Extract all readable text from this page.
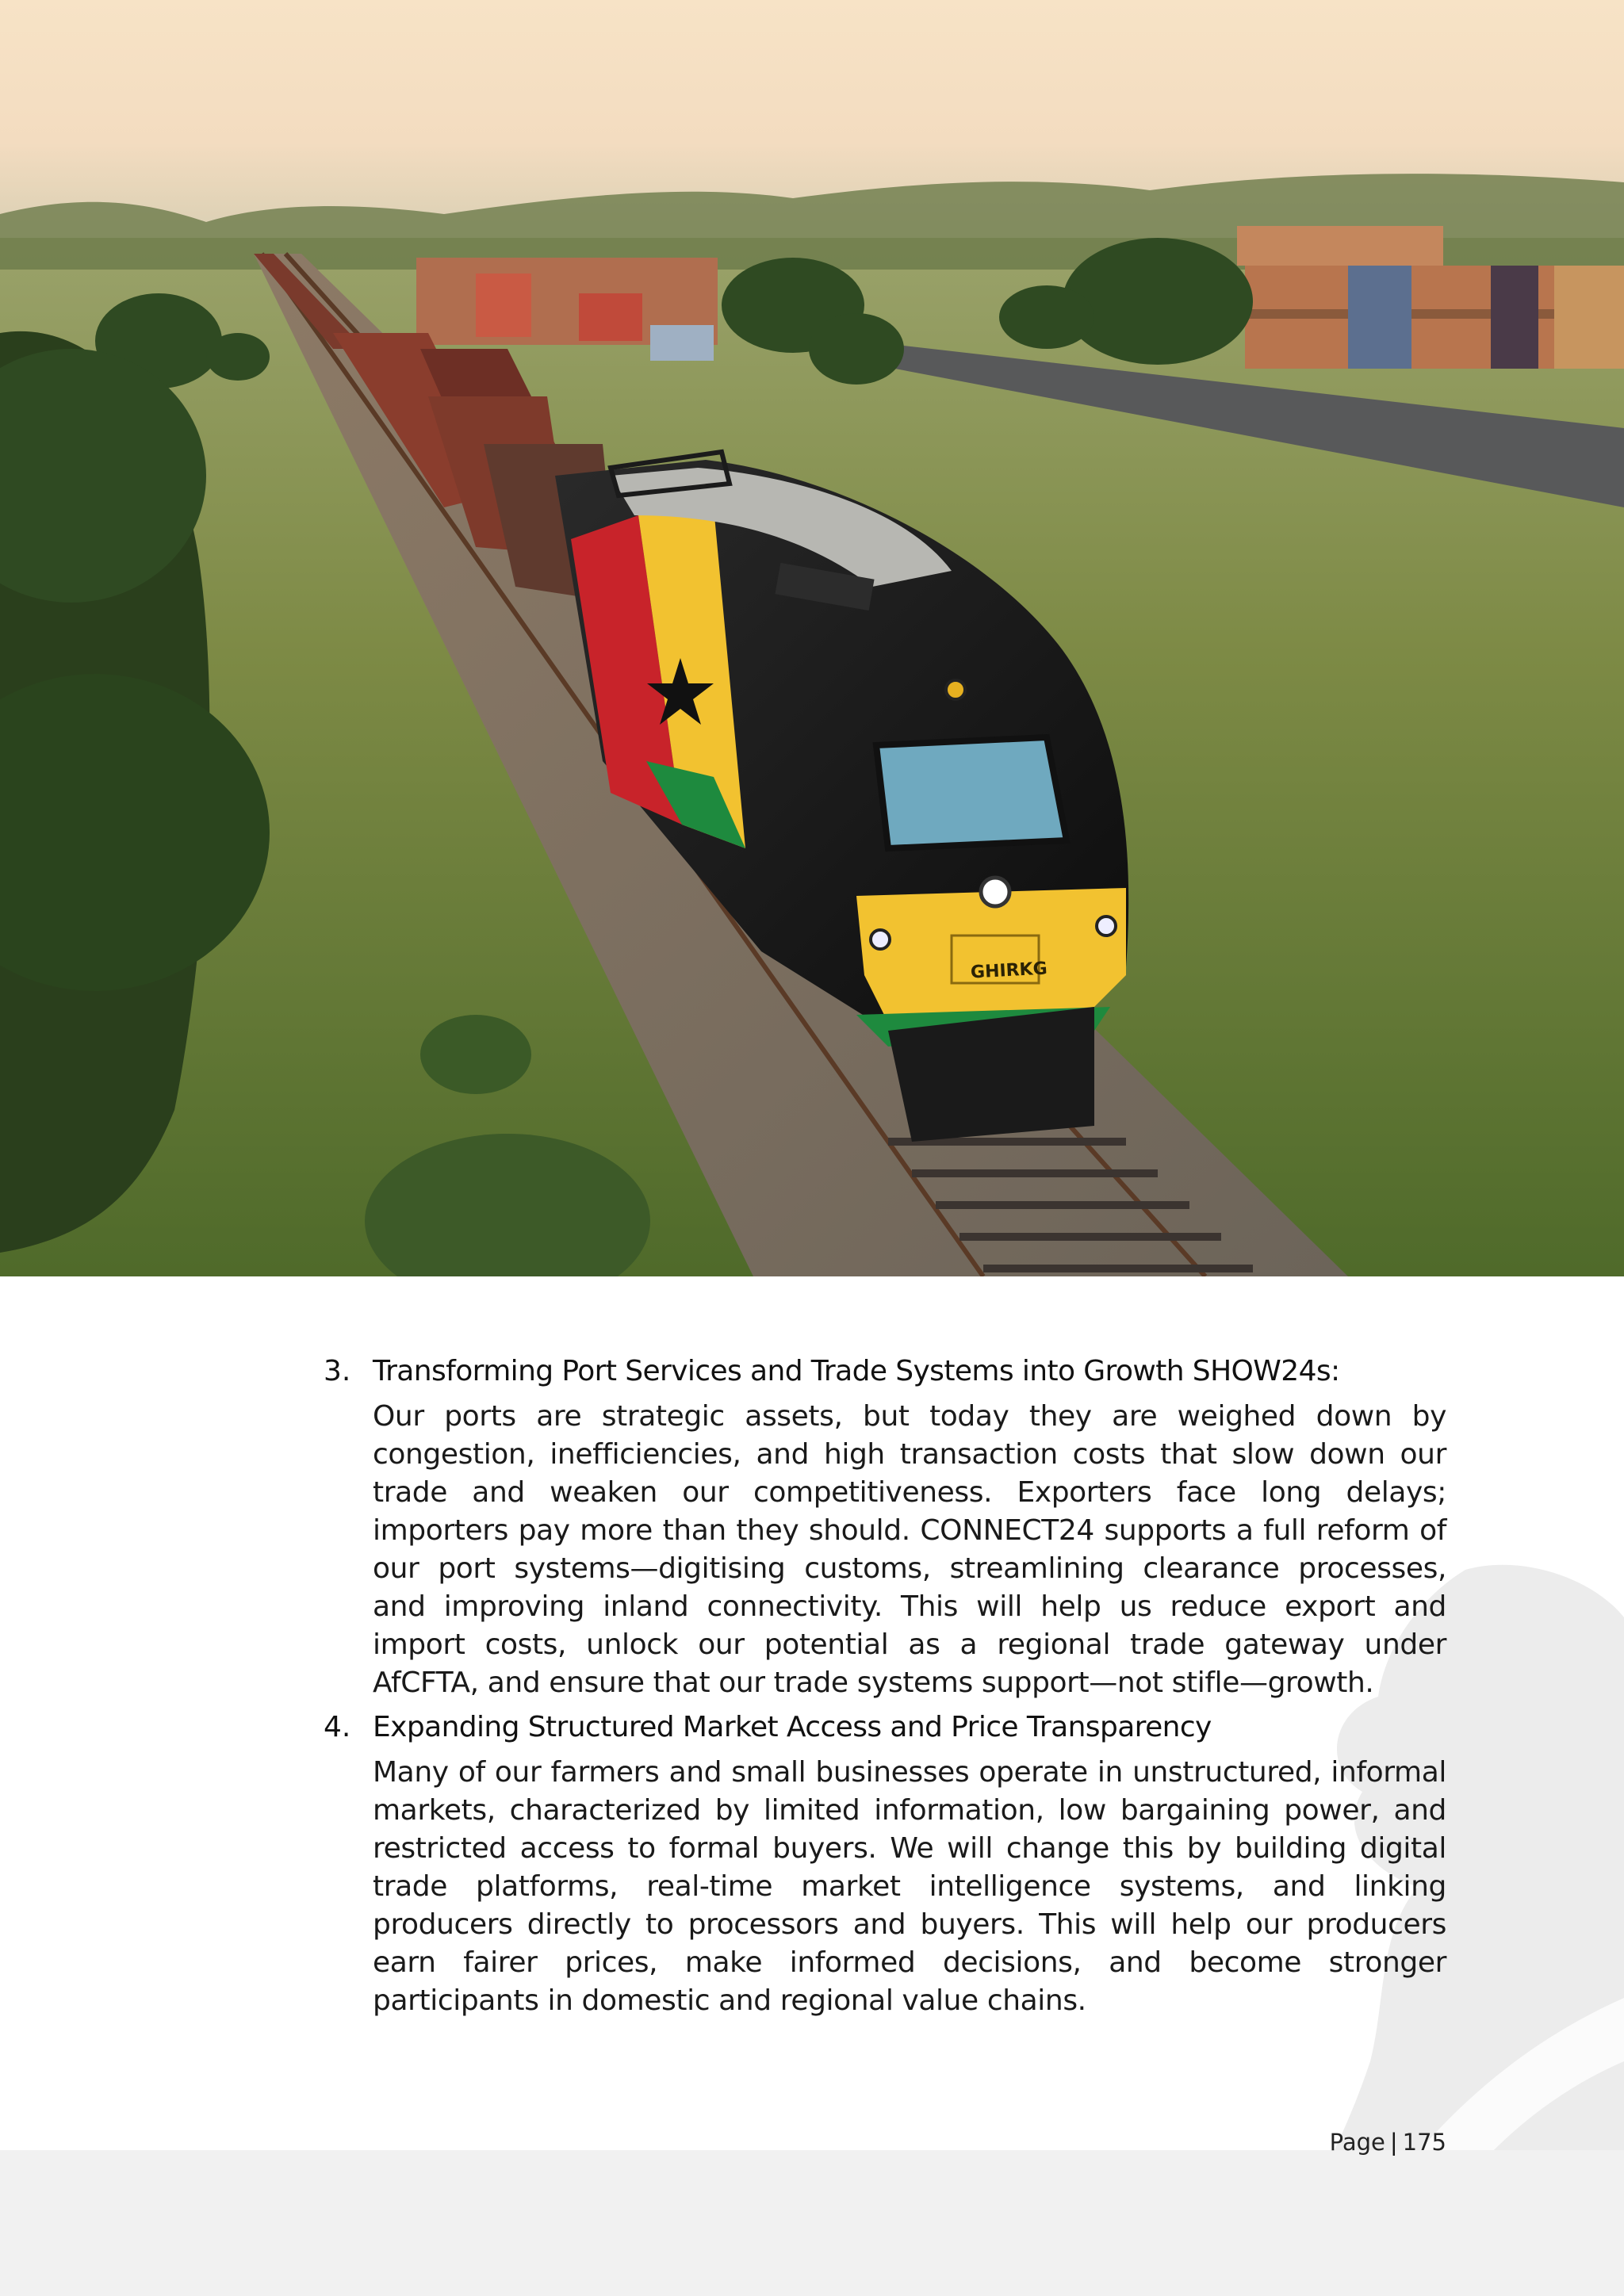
GHIRKG
3. Transforming Port Services and Trade Systems into Growth SHOW24s:

Our ports are strategic assets, but today they are weighed down by congestion, inefficiencies, and high transaction costs that slow down our trade and weaken our competitiveness. Exporters face long delays; importers pay more than they should. CONNECT24 supports a full reform of our port systems—digitising customs, streamlining clearance processes, and improving inland connectivity. This will help us reduce export and import costs, unlock our potential as a regional trade gateway under AfCFTA, and ensure that our trade systems support—not stifle—growth.

4. Expanding Structured Market Access and Price Transparency

Many of our farmers and small businesses operate in unstructured, informal markets, characterized by limited information, low bargaining power, and restricted access to formal buyers. We will change this by building digital trade platforms, real-time market intelligence systems, and linking producers directly to processors and buyers. This will help our producers earn fairer prices, make informed decisions, and become stronger participants in domestic and regional value chains.

Page | 175
